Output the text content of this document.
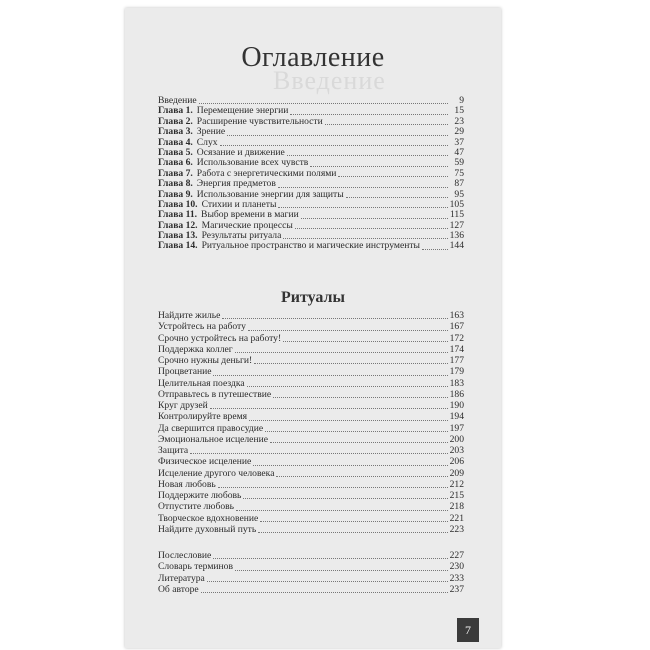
Введение
Оглавление
Введение	9
Глава 1. Перемещение энергии	15
Глава 2. Расширение чувствительности	23
Глава 3. Зрение	29
Глава 4. Слух	37
Глава 5. Осязание и движение	47
Глава 6. Использование всех чувств	59
Глава 7. Работа с энергетическими полями	75
Глава 8. Энергия предметов	87
Глава 9. Использование энергии для защиты	95
Глава 10. Стихии и планеты	105
Глава 11. Выбор времени в магии	115
Глава 12. Магические процессы	127
Глава 13. Результаты ритуала	136
Глава 14. Ритуальное пространство и магические инструменты	144
Ритуалы
Найдите жилье	163
Устройтесь на работу	167
Срочно устройтесь на работу!	172
Поддержка коллег	174
Срочно нужны деньги!	177
Процветание	179
Целительная поездка	183
Отправьтесь в путешествие	186
Круг друзей	190
Контролируйте время	194
Да свершится правосудие	197
Эмоциональное исцеление	200
Защита	203
Физическое исцеление	206
Исцеление другого человека	209
Новая любовь	212
Поддержите любовь	215
Отпустите любовь	218
Творческое вдохновение	221
Найдите духовный путь	223
Послесловие	227
Словарь терминов	230
Литература	233
Об авторе	237
7
